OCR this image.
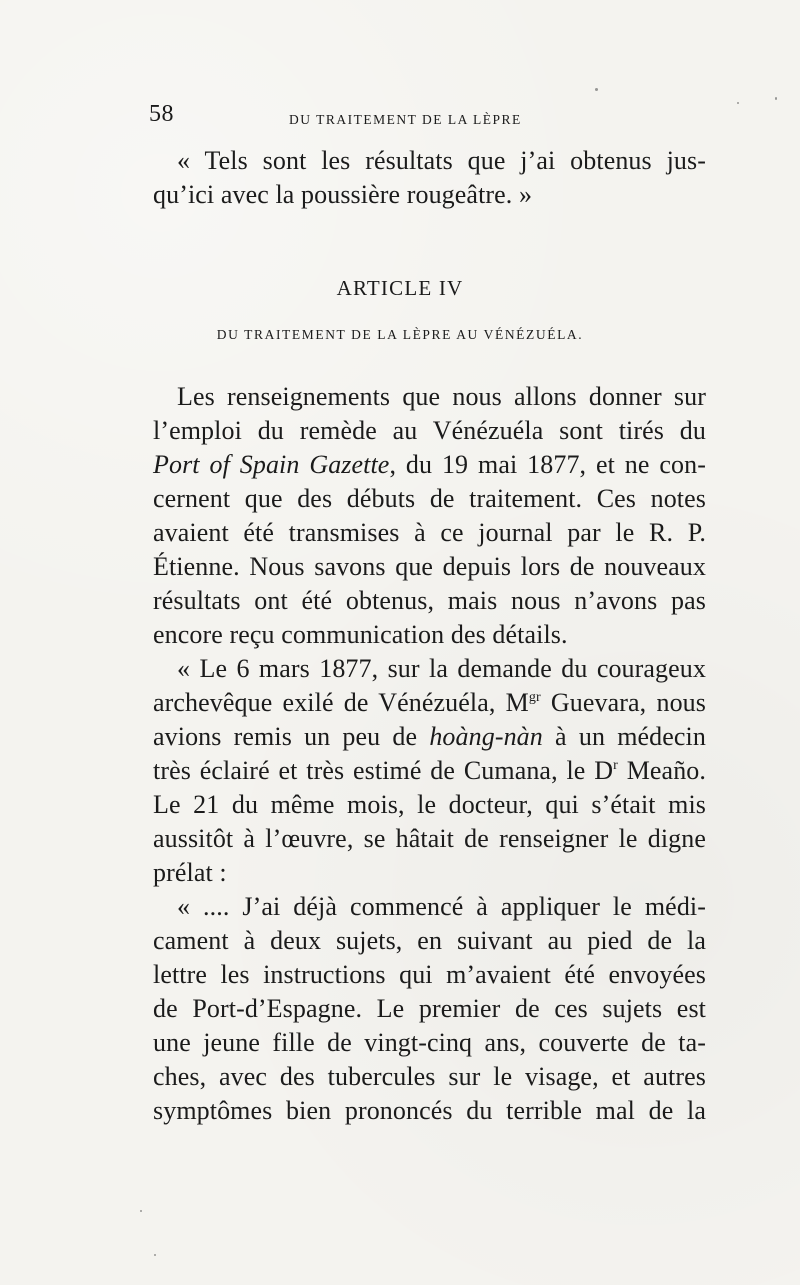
58	DU TRAITEMENT DE LA LÈPRE
« Tels sont les résultats que j’ai obtenus jus-
qu’ici avec la poussière rougeâtre. »
ARTICLE IV
DU TRAITEMENT DE LA LÈPRE AU VÉNÉZUÉLA.
Les renseignements que nous allons donner sur
l’emploi du remède au Vénézuéla sont tirés du
Port of Spain Gazette, du 19 mai 1877, et ne con-
cernent que des débuts de traitement. Ces notes
avaient été transmises à ce journal par le R. P.
Étienne. Nous savons que depuis lors de nouveaux
résultats ont été obtenus, mais nous n’avons pas
encore reçu communication des détails.
« Le 6 mars 1877, sur la demande du courageux
archevêque exilé de Vénézuéla, $M^{gr}$ Guevara, nous
avions remis un peu de hoàng-nàn à un médecin
très éclairé et très estimé de Cumana, le $D^r$ Meaño.
Le 21 du même mois, le docteur, qui s’était mis
aussitôt à l’œuvre, se hâtait de renseigner le digne
prélat :
« .... J’ai déjà commencé à appliquer le médi-
cament à deux sujets, en suivant au pied de la
lettre les instructions qui m’avaient été envoyées
de Port-d’Espagne. Le premier de ces sujets est
une jeune fille de vingt-cinq ans, couverte de ta-
ches, avec des tubercules sur le visage, et autres
symptômes bien prononcés du terrible mal de la
